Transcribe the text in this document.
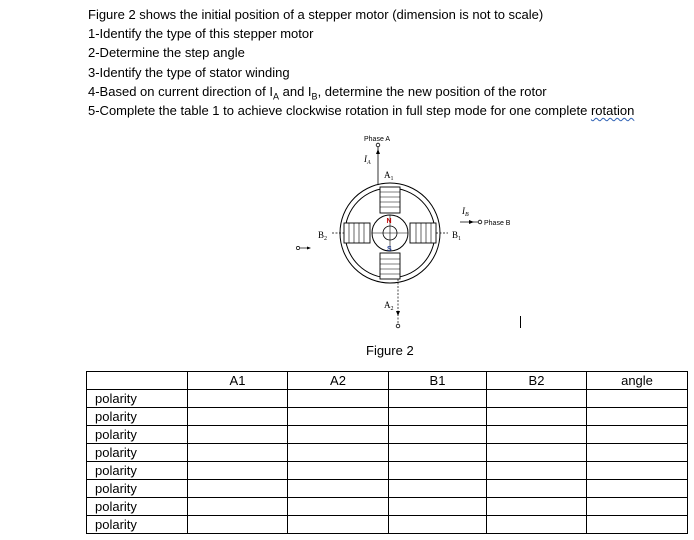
Figure 2 shows the initial position of a stepper motor (dimension is not to scale)
1-Identify the type of this stepper motor
2-Determine the step angle
3-Identify the type of stator winding
4-Based on current direction of $I_A$ and $I_B$, determine the new position of the rotor
5-Complete the table 1 to achieve clockwise rotation in full step mode for one complete rotation
Phase A
$I_A$
$A_1$
N
S
$B_2$	$B_1$
$I_B$
Phase B
$A_2$
Figure 2
	A1	A2	B1	B2	angle
polarity					
polarity					
polarity					
polarity					
polarity					
polarity					
polarity					
polarity					
